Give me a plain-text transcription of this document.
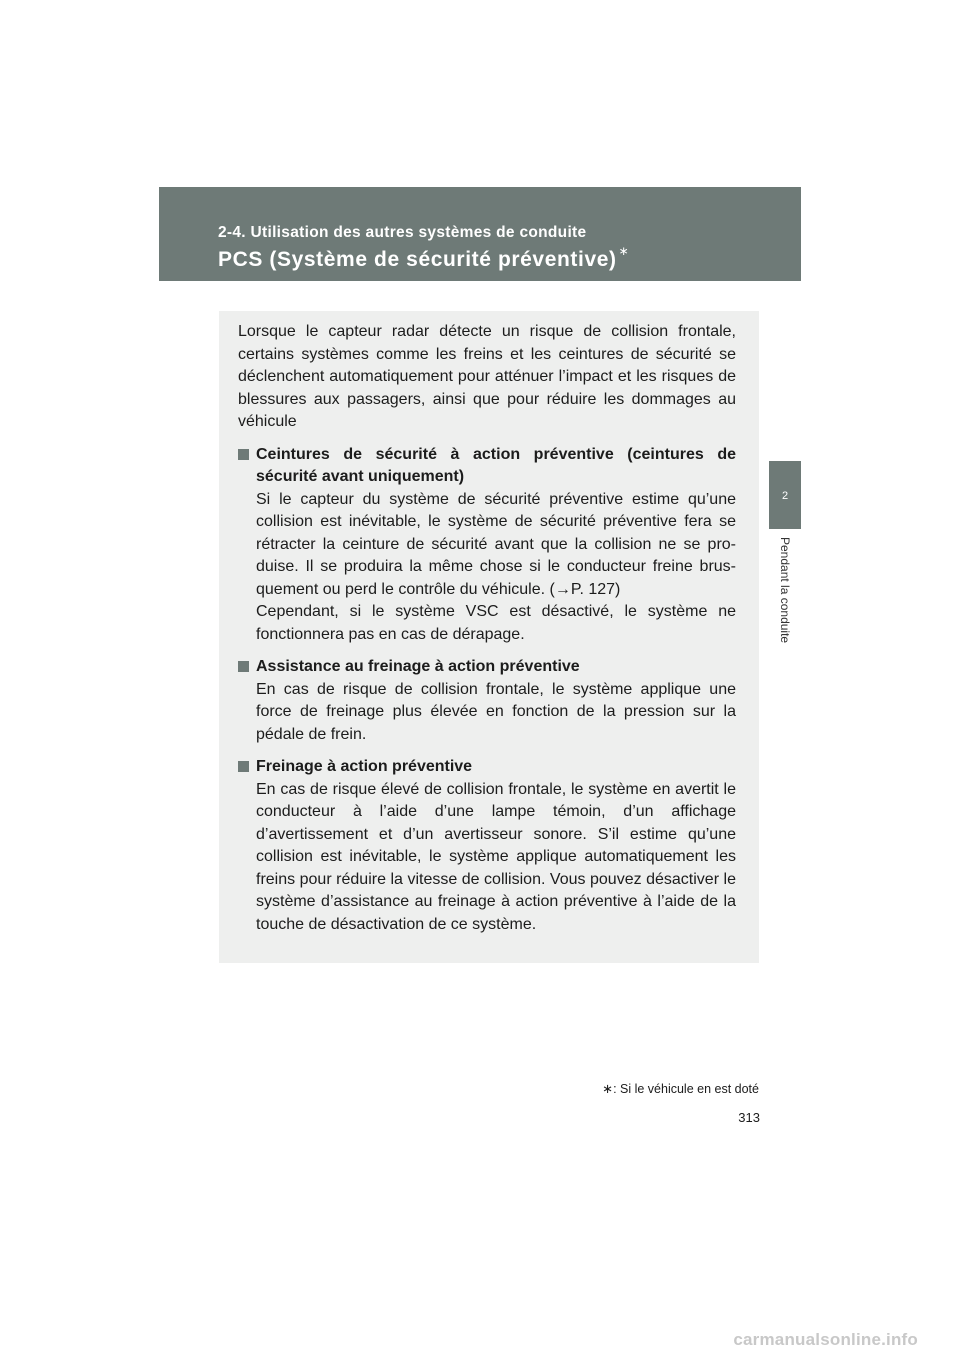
2-4. Utilisation des autres systèmes de conduite
PCS (Système de sécurité préventive) ∗
2
Pendant la conduite

Lorsque le capteur radar détecte un risque de collision frontale, certains systèmes comme les freins et les ceintures de sécurité se déclenchent automatiquement pour atténuer l’impact et les risques de blessures aux passagers, ainsi que pour réduire les dommages au véhicule

Ceintures de sécurité à action préventive (ceintures de sécurité avant uniquement)

Si le capteur du système de sécurité préventive estime qu’une collision est inévitable, le système de sécurité préventive fera se rétracter la ceinture de sécurité avant que la collision ne se produise. Il se produira la même chose si le conducteur freine brusquement ou perd le contrôle du véhicule. (→P. 127)

Cependant, si le système VSC est désactivé, le système ne fonctionnera pas en cas de dérapage.

Assistance au freinage à action préventive

En cas de risque de collision frontale, le système applique une force de freinage plus élevée en fonction de la pression sur la pédale de frein.

Freinage à action préventive

En cas de risque élevé de collision frontale, le système en avertit le conducteur à l’aide d’une lampe témoin, d’un affichage d’avertissement et d’un avertisseur sonore. S’il estime qu’une collision est inévitable, le système applique automatiquement les freins pour réduire la vitesse de collision. Vous pouvez désactiver le système d’assistance au freinage à action préventive à l’aide de la touche de désactivation de ce système.

∗: Si le véhicule en est doté
313
carmanualsonline.info
